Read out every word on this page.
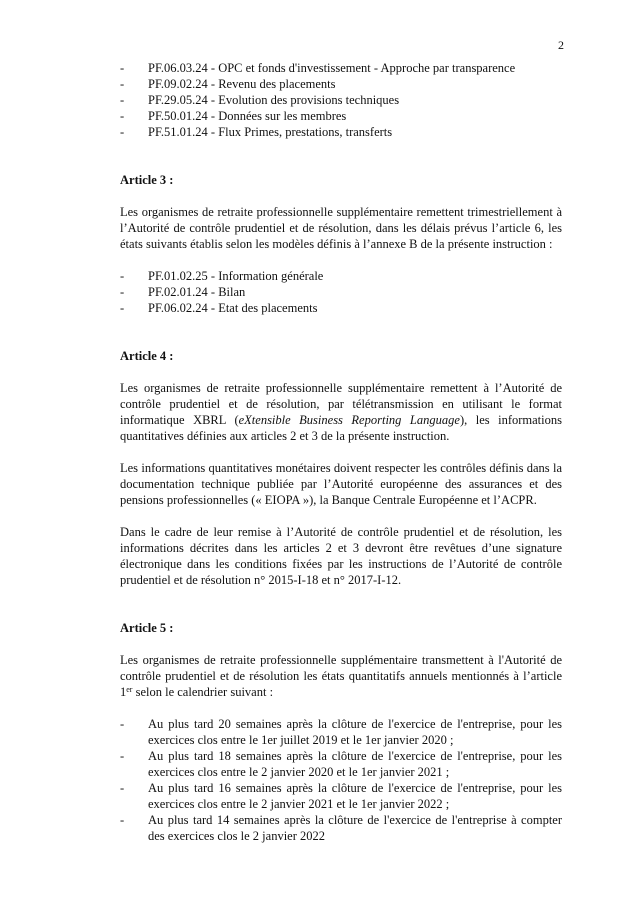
2
- PF.06.03.24 - OPC et fonds d'investissement - Approche par transparence
- PF.09.02.24 - Revenu des placements
- PF.29.05.24 - Evolution des provisions techniques
- PF.50.01.24 - Données sur les membres
- PF.51.01.24 - Flux Primes, prestations, transferts
Article 3 :

Les organismes de retraite professionnelle supplémentaire remettent trimestriellement à l’Autorité de contrôle prudentiel et de résolution, dans les délais prévus l’article 6, les états suivants établis selon les modèles définis à l’annexe B de la présente instruction :

- PF.01.02.25 - Information générale
- PF.02.01.24 - Bilan
- PF.06.02.24 - Etat des placements
Article 4 :

Les organismes de retraite professionnelle supplémentaire remettent à l’Autorité de contrôle prudentiel et de résolution, par télétransmission en utilisant le format informatique XBRL (eXtensible Business Reporting Language), les informations quantitatives définies aux articles 2 et 3 de la présente instruction.

Les informations quantitatives monétaires doivent respecter les contrôles définis dans la documentation technique publiée par l’Autorité européenne des assurances et des pensions professionnelles (« EIOPA »), la Banque Centrale Européenne et l’ACPR.

Dans le cadre de leur remise à l’Autorité de contrôle prudentiel et de résolution, les informations décrites dans les articles 2 et 3 devront être revêtues d’une signature électronique dans les conditions fixées par les instructions de l’Autorité de contrôle prudentiel et de résolution n° 2015-I-18 et n° 2017-I-12.

Article 5 :

Les organismes de retraite professionnelle supplémentaire transmettent à l'Autorité de contrôle prudentiel et de résolution les états quantitatifs annuels mentionnés à l’article 1er selon le calendrier suivant :

- Au plus tard 20 semaines après la clôture de l'exercice de l'entreprise, pour les exercices clos entre le 1er juillet 2019 et le 1er janvier 2020 ;

- Au plus tard 18 semaines après la clôture de l'exercice de l'entreprise, pour les exercices clos entre le 2 janvier 2020 et le 1er janvier 2021 ;

- Au plus tard 16 semaines après la clôture de l'exercice de l'entreprise, pour les exercices clos entre le 2 janvier 2021 et le 1er janvier 2022 ;

- Au plus tard 14 semaines après la clôture de l'exercice de l'entreprise à compter des exercices clos le 2 janvier 2022
